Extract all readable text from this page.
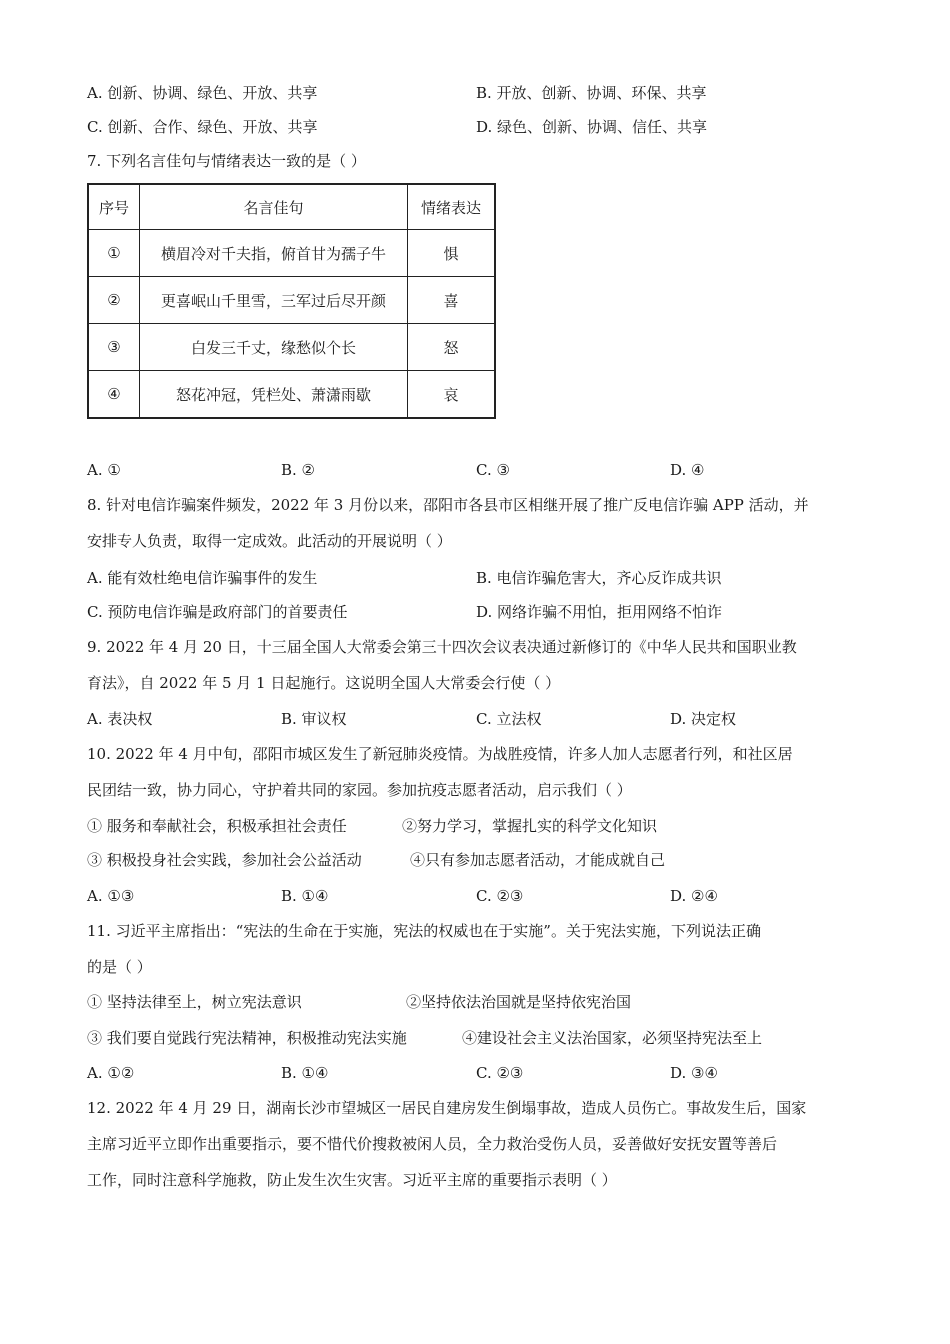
A. 创新、协调、绿色、开放、共享	B. 开放、创新、协调、环保、共享
C. 创新、合作、绿色、开放、共享	D. 绿色、创新、协调、信任、共享
7. 下列名言佳句与情绪表达一致的是（ ）
序号	名言佳句	情绪表达
①	横眉冷对千夫指，俯首甘为孺子牛	惧
②	更喜岷山千里雪，三军过后尽开颜	喜
③	白发三千丈，缘愁似个长	怒
④	怒花冲冠，凭栏处、萧潇雨歇	哀
A. ①	B. ②	C. ③	D. ④
8. 针对电信诈骗案件频发，2022 年 3 月份以来，邵阳市各县市区相继开展了推广反电信诈骗 APP 活动，并
安排专人负责，取得一定成效。此活动的开展说明（ ）
A. 能有效杜绝电信诈骗事件的发生	B. 电信诈骗危害大，齐心反诈成共识
C. 预防电信诈骗是政府部门的首要责任	D. 网络诈骗不用怕，拒用网络不怕诈
9. 2022 年 4 月 20 日，十三届全国人大常委会第三十四次会议表决通过新修订的《中华人民共和国职业教
育法》，自 2022 年 5 月 1 日起施行。这说明全国人大常委会行使（ ）
A. 表决权	B. 审议权	C. 立法权	D. 决定权
10. 2022 年 4 月中旬，邵阳市城区发生了新冠肺炎疫情。为战胜疫情，许多人加人志愿者行列，和社区居
民团结一致，协力同心，守护着共同的家园。参加抗疫志愿者活动，启示我们（ ）
① 服务和奉献社会，积极承担社会责任	②努力学习，掌握扎实的科学文化知识
③ 积极投身社会实践，参加社会公益活动	④只有参加志愿者活动，才能成就自己
A. ①③	B. ①④	C. ②③	D. ②④
11. 习近平主席指出：“宪法的生命在于实施，宪法的权威也在于实施”。关于宪法实施，下列说法正确
的是（ ）
① 坚持法律至上，树立宪法意识	②坚持依法治国就是坚持依宪治国
③ 我们要自觉践行宪法精神，积极推动宪法实施	④建设社会主义法治国家，必须坚持宪法至上
A. ①②	B. ①④	C. ②③	D. ③④
12. 2022 年 4 月 29 日，湖南长沙市望城区一居民自建房发生倒塌事故，造成人员伤亡。事故发生后，国家
主席习近平立即作出重要指示，要不惜代价搜救被闲人员，全力救治受伤人员，妥善做好安抚安置等善后
工作，同时注意科学施救，防止发生次生灾害。习近平主席的重要指示表明（ ）
